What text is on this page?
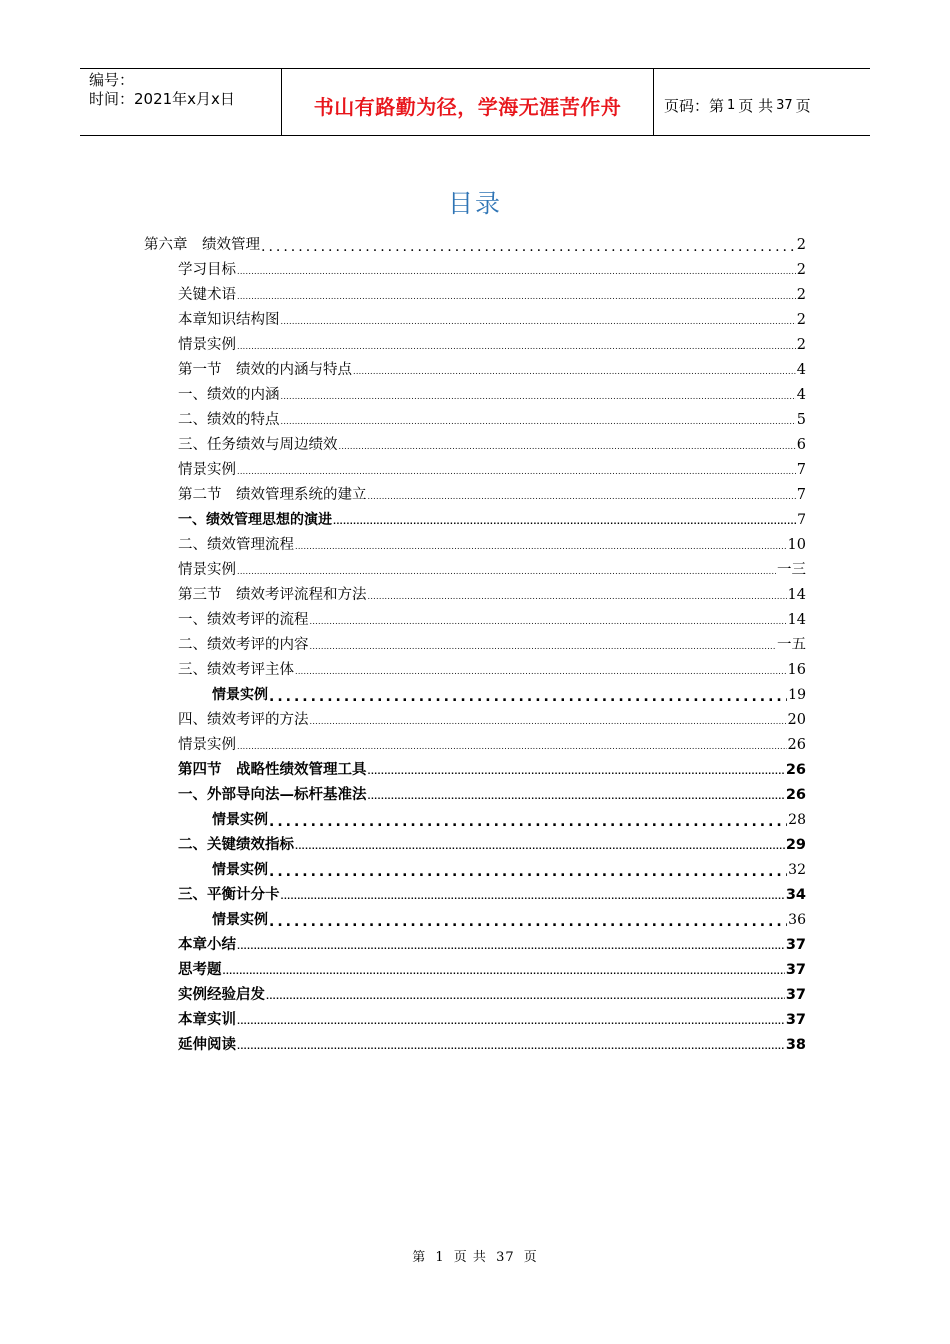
编号：
时间：2021年x月x日	书山有路勤为径，学海无涯苦作舟	页码：第 1 页 共 37 页
目录
第六章　绩效管理 .....	2
学习目标 .....	2
关键术语 .....	2
本章知识结构图 .....	2
情景实例 .....	2
第一节　绩效的内涵与特点 .....	4
一、绩效的内涵 .....	4
二、绩效的特点 .....	5
三、任务绩效与周边绩效 .....	6
情景实例 .....	7
第二节　绩效管理系统的建立 .....	7
一、绩效管理思想的演进 .....	7
二、绩效管理流程 .....	10
情景实例 .....	一三
第三节　绩效考评流程和方法 .....	14
一、绩效考评的流程 .....	14
二、绩效考评的内容 .....	一五
三、绩效考评主体 .....	16
情景实例 .....	19
四、绩效考评的方法 .....	20
情景实例 .....	26
第四节　战略性绩效管理工具 .....	26
一、外部导向法—标杆基准法 .....	26
情景实例 .....	28
二、关键绩效指标 .....	29
情景实例 .....	32
三、平衡计分卡 .....	34
情景实例 .....	36
本章小结 .....	37
思考题 .....	37
实例经验启发 .....	37
本章实训 .....	37
延伸阅读 .....	38
第 1 页 共 37 页
